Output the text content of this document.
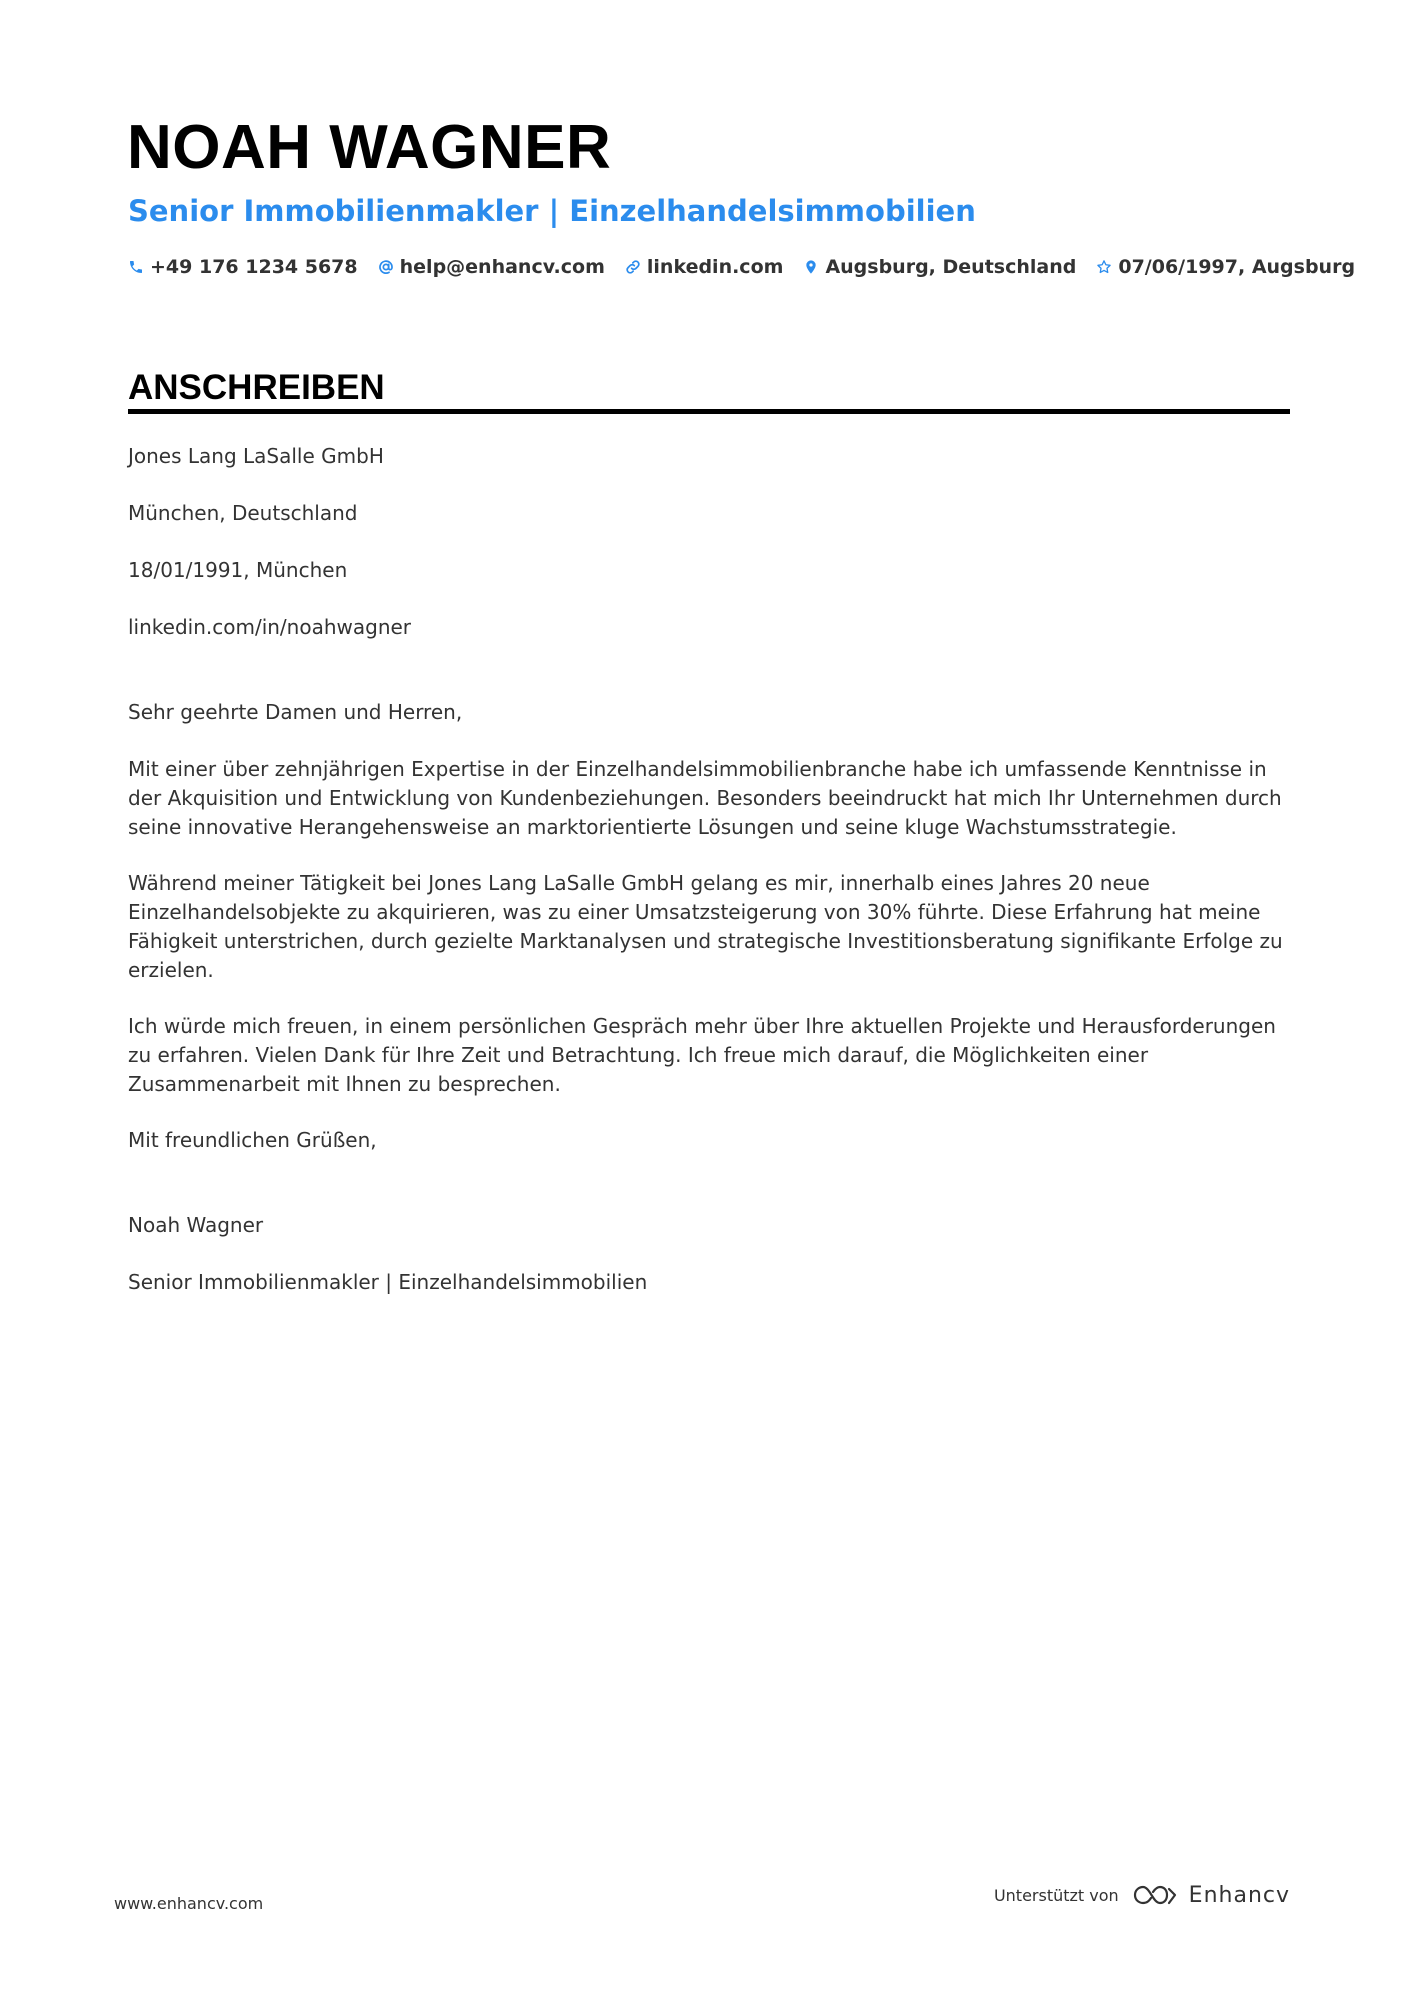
NOAH WAGNER
Senior Immobilienmakler | Einzelhandelsimmobilien
+49 176 1234 5678 help@enhancv.com linkedin.com Augsburg, Deutschland 07/06/1997, Augsburg
ANSCHREIBEN

Jones Lang LaSalle GmbH

München, Deutschland

18/01/1991, München

linkedin.com/in/noahwagner

Sehr geehrte Damen und Herren,

Mit einer über zehnjährigen Expertise in der Einzelhandelsimmobilienbranche habe ich umfassende Kenntnisse in der Akquisition und Entwicklung von Kundenbeziehungen. Besonders beeindruckt hat mich Ihr Unternehmen durch seine innovative Herangehensweise an marktorientierte Lösungen und seine kluge Wachstumsstrategie.

Während meiner Tätigkeit bei Jones Lang LaSalle GmbH gelang es mir, innerhalb eines Jahres 20 neue Einzelhandelsobjekte zu akquirieren, was zu einer Umsatzsteigerung von 30% führte. Diese Erfahrung hat meine Fähigkeit unterstrichen, durch gezielte Marktanalysen und strategische Investitionsberatung signifikante Erfolge zu erzielen.

Ich würde mich freuen, in einem persönlichen Gespräch mehr über Ihre aktuellen Projekte und Herausforderungen zu erfahren. Vielen Dank für Ihre Zeit und Betrachtung. Ich freue mich darauf, die Möglichkeiten einer Zusammenarbeit mit Ihnen zu besprechen.

Mit freundlichen Grüßen,

Noah Wagner

Senior Immobilienmakler | Einzelhandelsimmobilien

www.enhancv.com	Unterstützt von	Enhancv
